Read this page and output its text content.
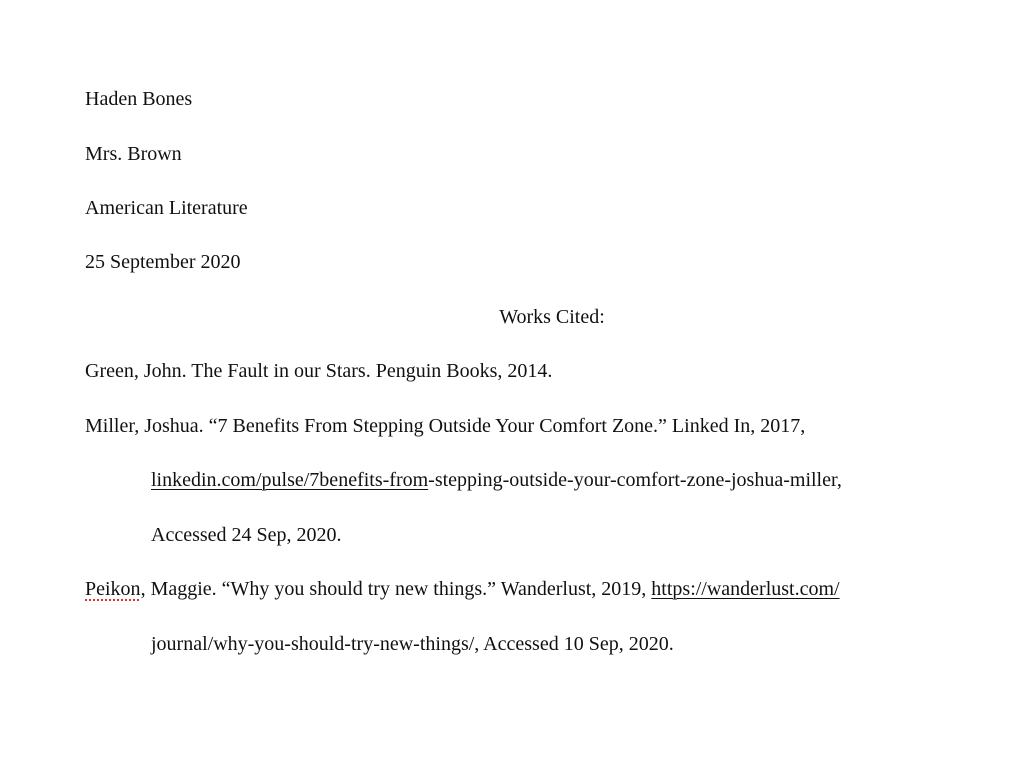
Haden Bones
Mrs. Brown
American Literature
25 September 2020
Works Cited:
Green, John. The Fault in our Stars. Penguin Books, 2014.
Miller, Joshua. “7 Benefits From Stepping Outside Your Comfort Zone.” Linked In, 2017,
linkedin.com/pulse/7benefits-from-stepping-outside-your-comfort-zone-joshua-miller,
Accessed 24 Sep, 2020.
Peikon, Maggie. “Why you should try new things.” Wanderlust, 2019, https://wanderlust.com/
journal/why-you-should-try-new-things/, Accessed 10 Sep, 2020.
